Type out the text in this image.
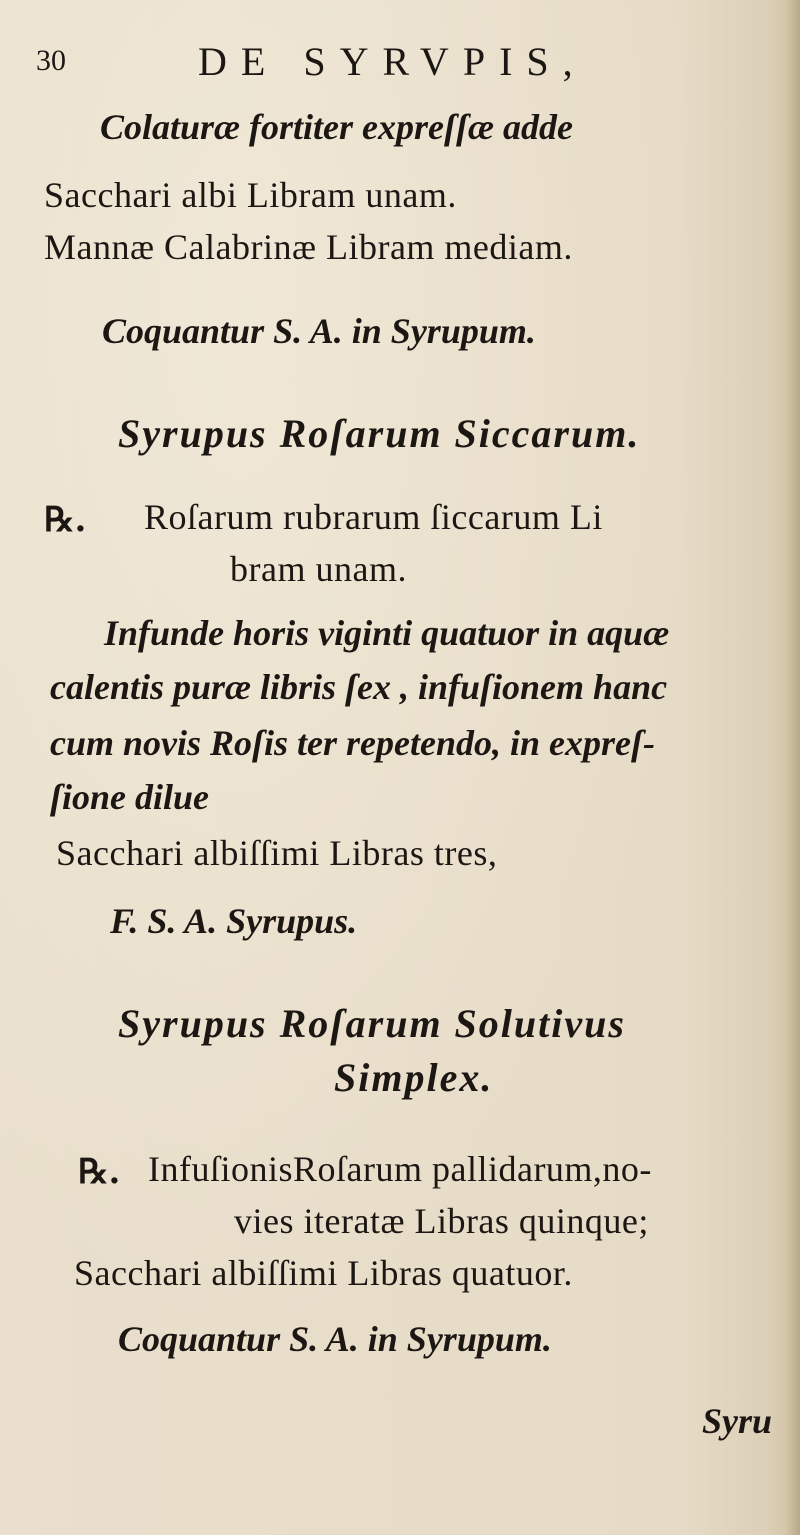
30	DE SYRVPIS,
Colaturæ fortiter expreſſæ adde
Sacchari albi Libram unam.
Mannæ Calabrinæ Libram mediam.
Coquantur S. A. in Syrupum.
Syrupus Roſarum Siccarum.
℞. Roſarum rubrarum ſiccarum Li
bram unam.
Infunde horis viginti quatuor in aquæ
calentis puræ libris ſex , infuſionem hanc
cum novis Roſis ter repetendo, in expreſ-
ſione dilue
Sacchari albiſſimi Libras tres,
F. S. A. Syrupus.
Syrupus Roſarum Solutivus
Simplex.
℞. InfuſionisRoſarum pallidarum,no-
vies iteratæ Libras quinque;
Sacchari albiſſimi Libras quatuor.
Coquantur S. A. in Syrupum.
Syru
